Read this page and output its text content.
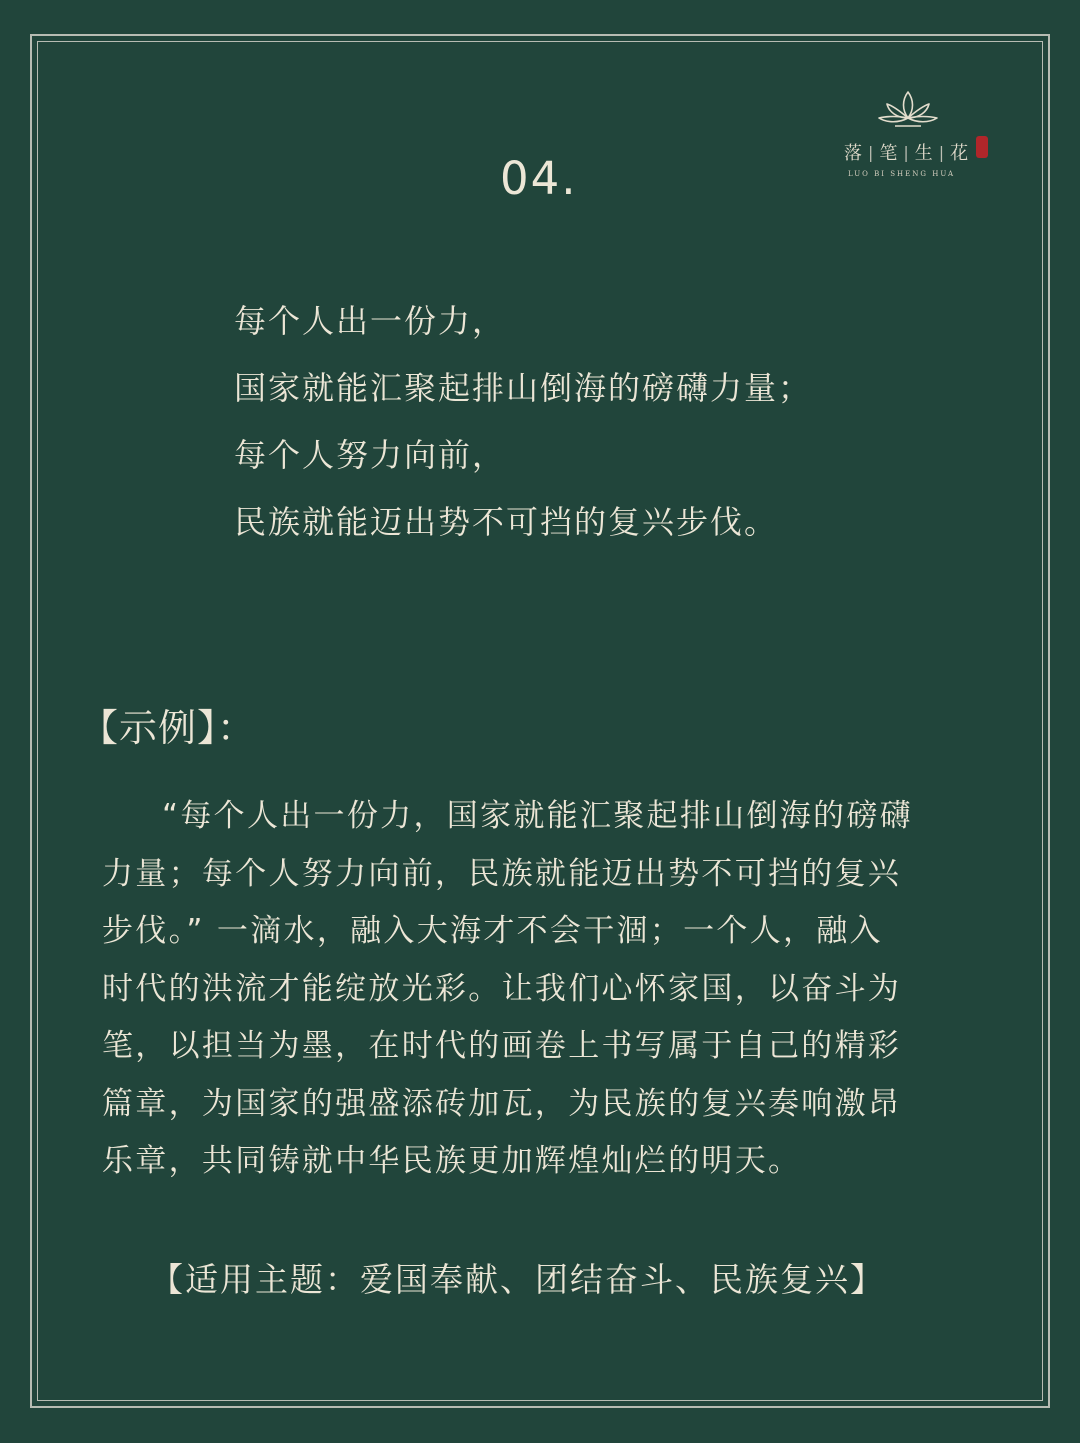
落 | 笔 | 生 | 花
LUO BI SHENG HUA
04.
每个人出一份力，
国家就能汇聚起排山倒海的磅礴力量；
每个人努力向前，
民族就能迈出势不可挡的复兴步伐。
【示例】：
“每个人出一份力，国家就能汇聚起排山倒海的磅礴
力量；每个人努力向前，民族就能迈出势不可挡的复兴
步伐。” 一滴水，融入大海才不会干涸；一个人，融入
时代的洪流才能绽放光彩。让我们心怀家国，以奋斗为
笔，以担当为墨，在时代的画卷上书写属于自己的精彩
篇章，为国家的强盛添砖加瓦，为民族的复兴奏响激昂
乐章，共同铸就中华民族更加辉煌灿烂的明天。
【适用主题：爱国奉献、团结奋斗、民族复兴】
